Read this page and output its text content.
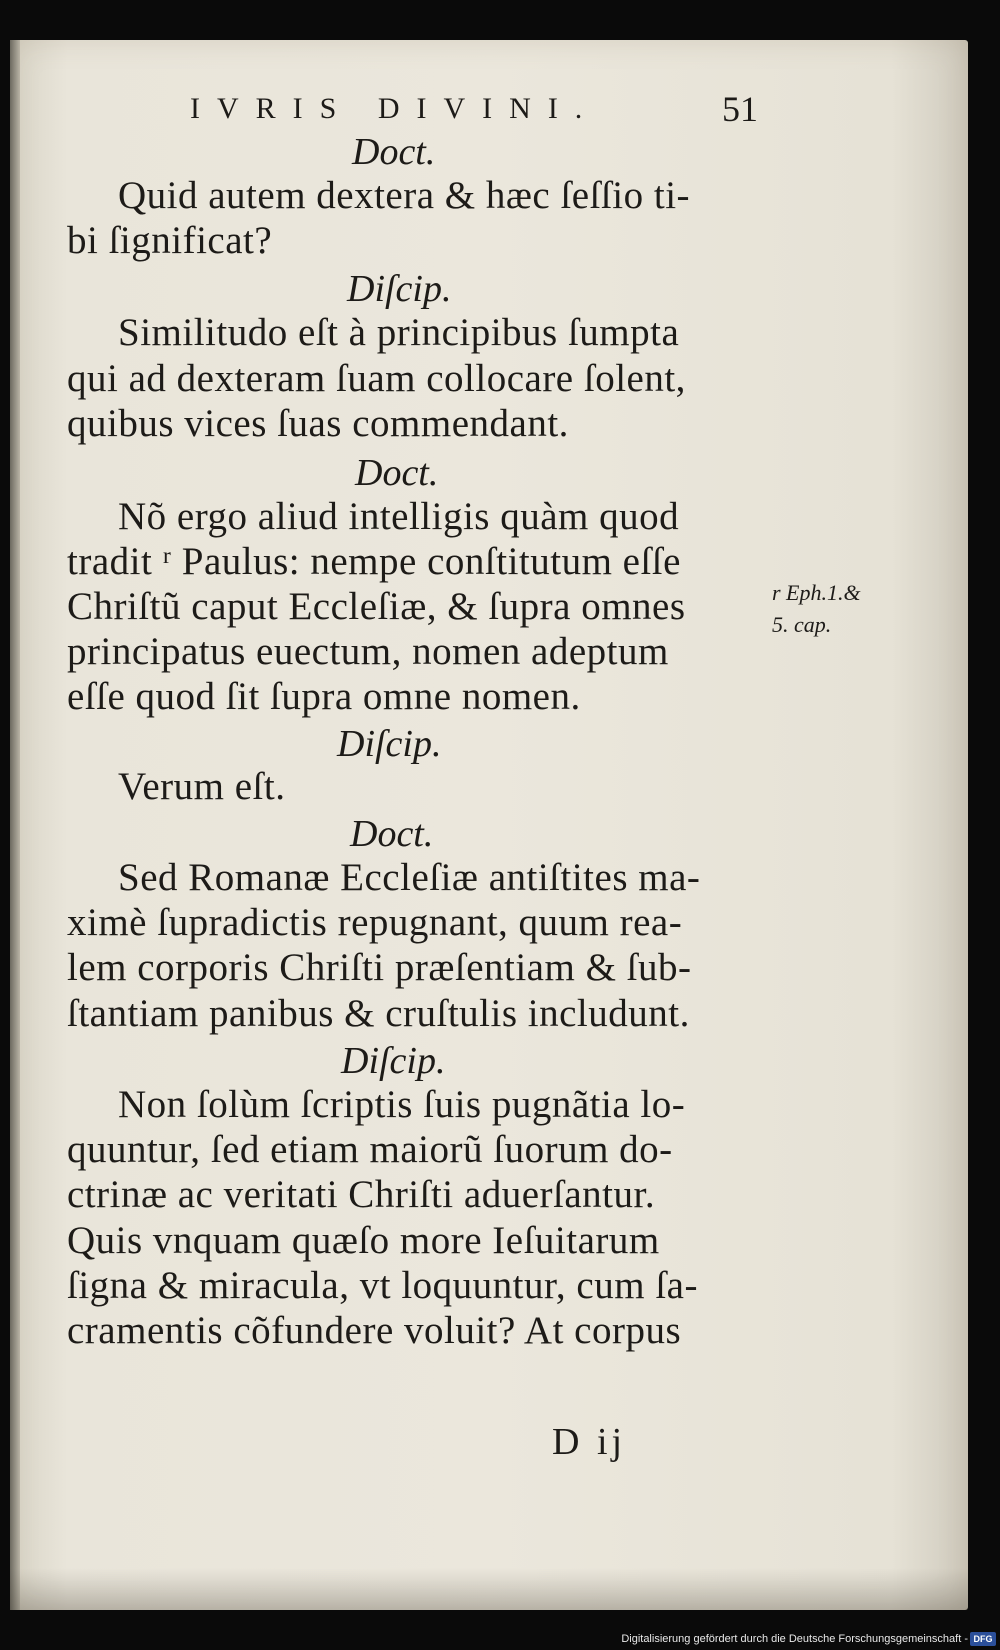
IVRIS DIVINI.	51
Doct.
Quid autem dextera & hæc ſeſſio ti-
bi ſignificat?
Diſcip.
Similitudo eſt à principibus ſumpta
qui ad dexteram ſuam collocare ſolent,
quibus vices ſuas commendant.
Doct.
Nõ ergo aliud intelligis quàm quod
tradit ʳ Paulus: nempe conſtitutum eſſe
Chriſtũ caput Eccleſiæ, & ſupra omnes
principatus euectum, nomen adeptum
eſſe quod ſit ſupra omne nomen.
r Eph.1.&
5. cap.
Diſcip.
Verum eſt.
Doct.
Sed Romanæ Eccleſiæ antiſtites ma-
ximè ſupradictis repugnant, quum rea-
lem corporis Chriſti præſentiam & ſub-
ſtantiam panibus & cruſtulis includunt.
Diſcip.
Non ſolùm ſcriptis ſuis pugnãtia lo-
quuntur, ſed etiam maiorũ ſuorum do-
ctrinæ ac veritati Chriſti aduerſantur.
Quis vnquam quæſo more Ieſuitarum
ſigna & miracula, vt loquuntur, cum ſa-
cramentis cõfundere voluit? At corpus
D ij
Digitalisierung gefördert durch die Deutsche Forschungsgemeinschaft - DFG
